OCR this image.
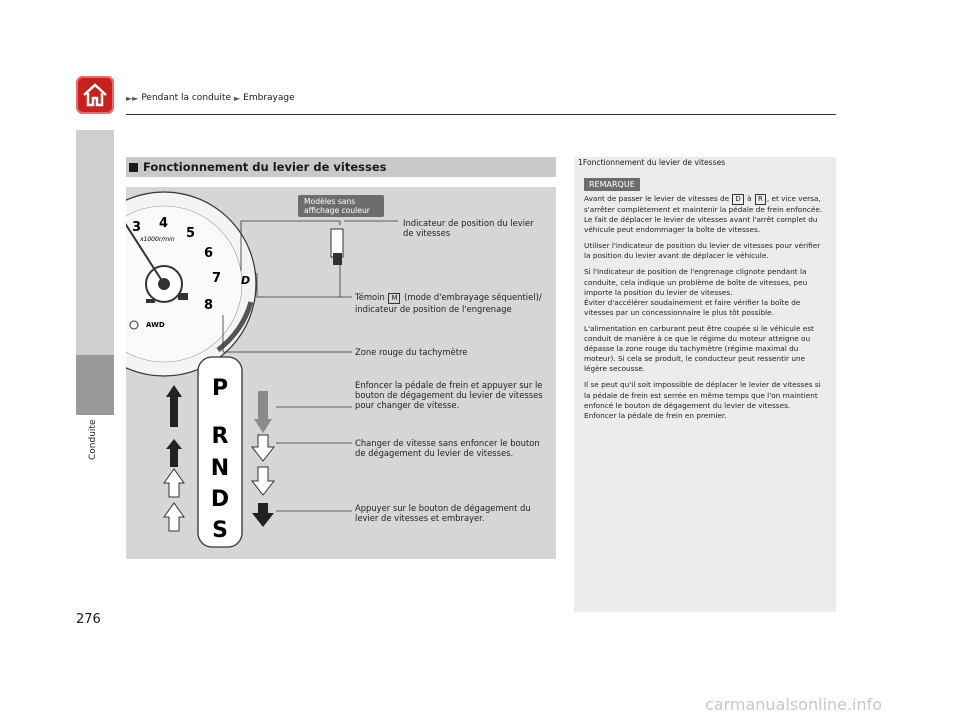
►► Pendant la conduite ► Embrayage
Conduite
276
Fonctionnement du levier de vitesses
3 4
5
6
7
8
x1000r/min
AWD
D
P
R
N
D
S
Modèles sans affichage couleur
Indicateur de position du levier de vitesses
Témoin M (mode d'embrayage séquentiel)/ indicateur de position de l'engrenage
Zone rouge du tachymètre
Enfoncer la pédale de frein et appuyer sur le bouton de dégagement du levier de vitesses pour changer de vitesse.
Changer de vitesse sans enfoncer le bouton de dégagement du levier de vitesses.
Appuyer sur le bouton de dégagement du levier de vitesses et embrayer.
1Fonctionnement du levier de vitesses
REMARQUE

Avant de passer le levier de vitesses de D à R , et vice versa, s'arrêter complètement et maintenir la pédale de frein enfoncée.
Le fait de déplacer le levier de vitesses avant l'arrêt complet du véhicule peut endommager la boîte de vitesses.

Utiliser l'indicateur de position du levier de vitesses pour vérifier la position du levier avant de déplacer le véhicule.

Si l'indicateur de position de l'engrenage clignote pendant la conduite, cela indique un problème de boîte de vitesses, peu importe la position du levier de vitesses.
Éviter d'accélérer soudainement et faire vérifier la boîte de vitesses par un concessionnaire le plus tôt possible.

L'alimentation en carburant peut être coupée si le véhicule est conduit de manière à ce que le régime du moteur atteigne ou dépasse la zone rouge du tachymètre (régime maximal du moteur). Si cela se produit, le conducteur peut ressentir une légère secousse.

Il se peut qu'il soit impossible de déplacer le levier de vitesses si la pédale de frein est serrée en même temps que l'on maintient enfoncé le bouton de dégagement du levier de vitesses.
Enfoncer la pédale de frein en premier.

carmanualsonline.info
